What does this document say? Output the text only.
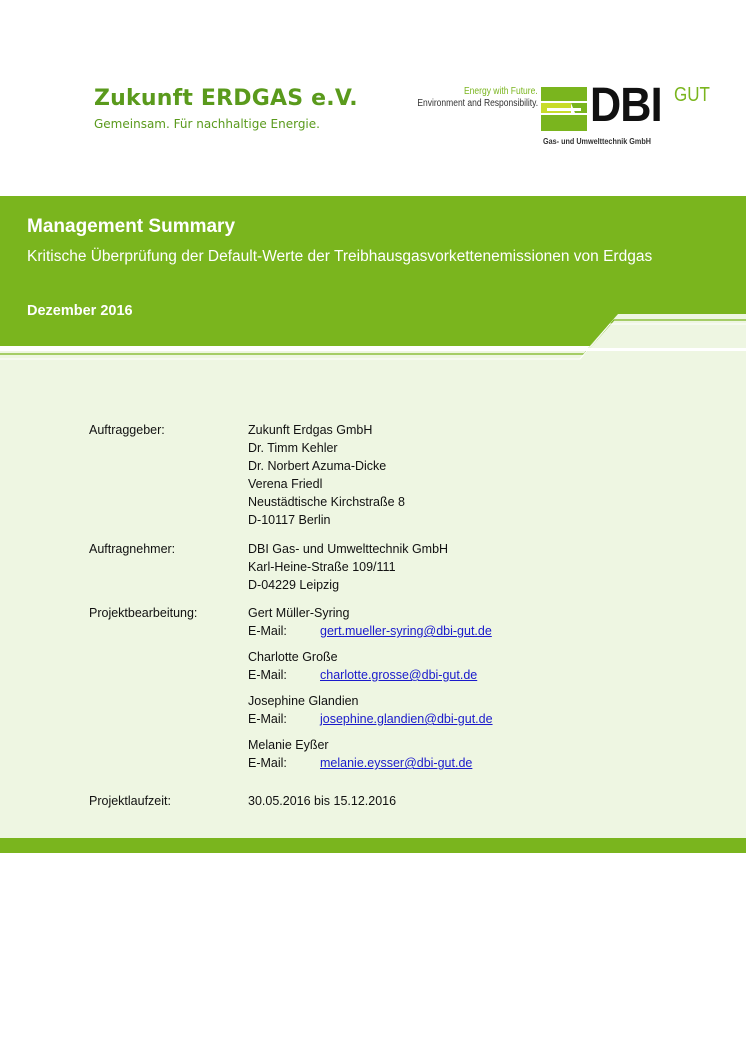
Zukunft ERDGAS e.V.
Gemeinsam. Für nachhaltige Energie.
Energy with Future.
Environment and Responsibility. DBI GUT
Gas- und Umwelttechnik GmbH
Management Summary
Kritische Überprüfung der Default-Werte der Treibhausgasvorkettenemissionen von Erdgas
Dezember 2016
Auftraggeber:	Zukunft Erdgas GmbH
Dr. Timm Kehler
Dr. Norbert Azuma-Dicke
Verena Friedl
Neustädtische Kirchstraße 8
D-10117 Berlin
Auftragnehmer:	DBI Gas- und Umwelttechnik GmbH
Karl-Heine-Straße 109/111
D-04229 Leipzig
Projektbearbeitung:	Gert Müller-Syring
E-Mail:	gert.mueller-syring@dbi-gut.de
Charlotte Große
E-Mail:	charlotte.grosse@dbi-gut.de
Josephine Glandien
E-Mail:	josephine.glandien@dbi-gut.de
Melanie Eyßer
E-Mail:	melanie.eysser@dbi-gut.de
Projektlaufzeit:	30.05.2016 bis 15.12.2016
